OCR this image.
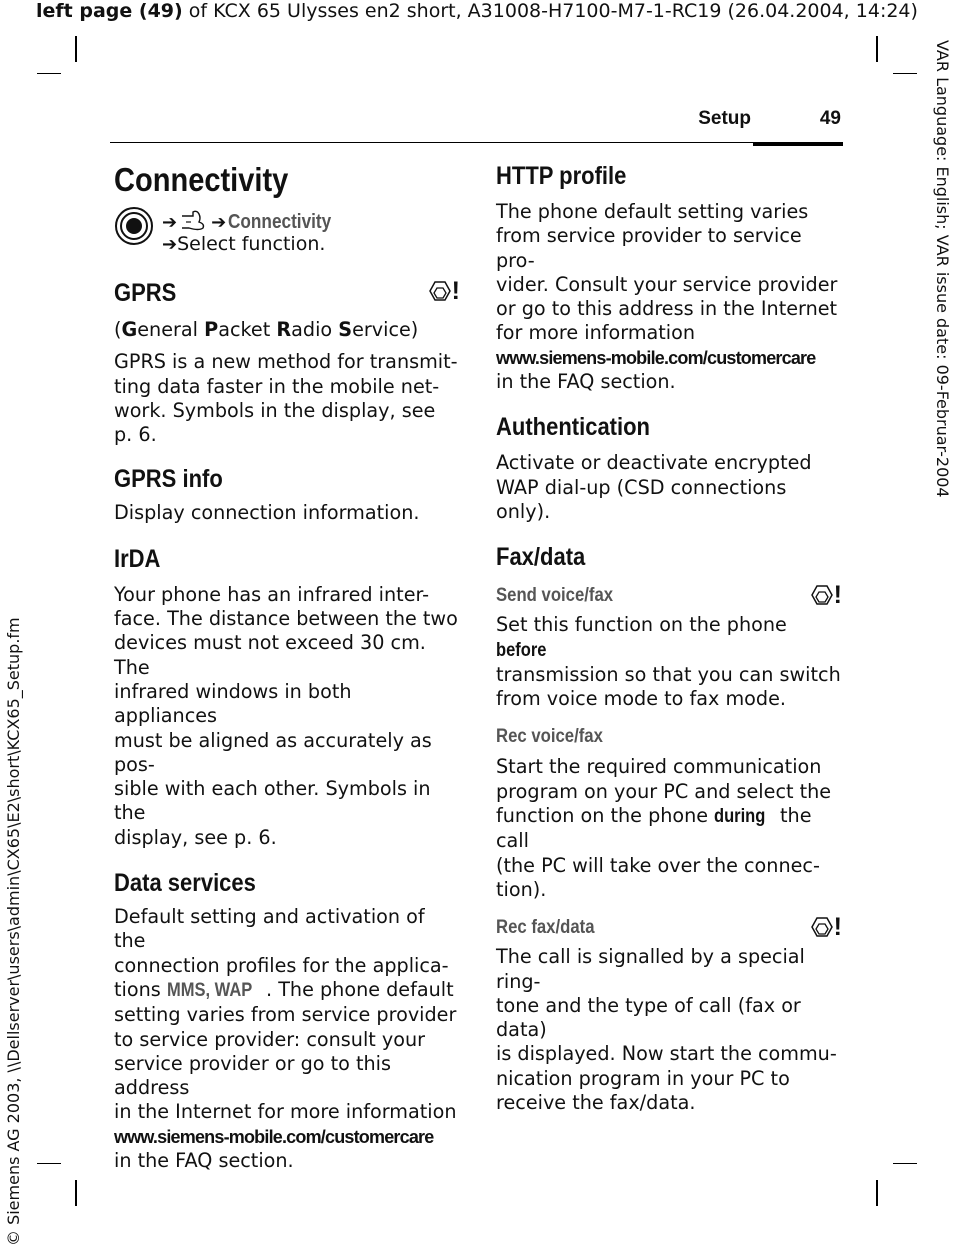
left page (49) of KCX 65 Ulysses en2 short, A31008-H7100-M7-1-RC19 (26.04.2004, 14:24)
VAR Language: English; VAR issue date: 09-Februar-2004
© Siemens AG 2003, \\Dellserver\users\admin\CX65\E2\short\KCX65_Setup.fm
Setup	49
Connectivity
➔ ➔ Connectivity
➔Select function.
GPRS	!

(General Packet Radio Service)

GPRS is a new method for transmit-
ting data faster in the mobile net-
work. Symbols in the display, see
p. 6.

GPRS info

Display connection information.

IrDA

Your phone has an infrared inter-
face. The distance between the two
devices must not exceed 30 cm. The
infrared windows in both appliances
must be aligned as accurately as pos-
sible with each other. Symbols in the
display, see p. 6.

Data services

Default setting and activation of the
connection profiles for the applica-
tions MMS, WAP . The phone default
setting varies from service provider
to service provider: consult your
service provider or go to this address
in the Internet for more information
www.siemens-mobile.com/customercare
in the FAQ section.

HTTP profile

The phone default setting varies
from service provider to service pro-
vider. Consult your service provider
or go to this address in the Internet
for more information
www.siemens-mobile.com/customercare
in the FAQ section.

Authentication

Activate or deactivate encrypted
WAP dial-up (CSD connections only).

Fax/data
Send voice/fax	!

Set this function on the phone before
transmission so that you can switch
from voice mode to fax mode.

Rec voice/fax

Start the required communication
program on your PC and select the
function on the phone during the call
(the PC will take over the connec-
tion).

Rec fax/data	!

The call is signalled by a special ring-
tone and the type of call (fax or data)
is displayed. Now start the commu-
nication program in your PC to
receive the fax/data.
